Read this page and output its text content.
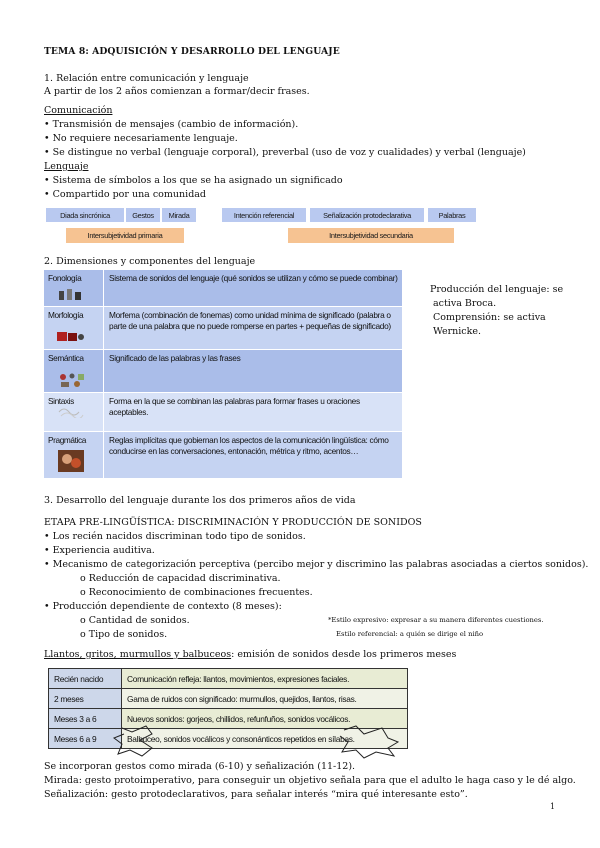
TEMA 8: ADQUISICIÓN Y DESARROLLO DEL LENGUAJE
1. Relación entre comunicación y lenguaje
A partir de los 2 años comienzan a formar/decir frases.
Comunicación
• Transmisión de mensajes (cambio de información).
• No requiere necesariamente lenguaje.
• Se distingue no verbal (lenguaje corporal), preverbal (uso de voz y cualidades) y verbal (lenguaje)
Lenguaje
• Sistema de símbolos a los que se ha asignado un significado
• Compartido por una comunidad
Diada sincrónica	Gestos	Mirada	Intención referencial	Señalización protodeclarativa	Palabras
Intersubjetividad primaria	Intersubjetividad secundaria
2. Dimensiones y componentes del lenguaje
Fonología	Sistema de sonidos del lenguaje (qué sonidos se utilizan y cómo se puede combinar)
Morfología	Morfema (combinación de fonemas) como unidad mínima de significado (palabra o parte de una palabra que no puede romperse en partes + pequeñas de significado)
Semántica	Significado de las palabras y las frases
Sintaxis	Forma en la que se combinan las palabras para formar frases u oraciones aceptables.
Pragmática	Reglas implícitas que gobiernan los aspectos de la comunicación lingüística: cómo conducirse en las conversaciones, entonación, métrica y ritmo, acentos…
Producción del lenguaje: se
activa Broca.
Comprensión: se activa
Wernicke.
3. Desarrollo del lenguaje durante los dos primeros años de vida
ETAPA PRE-LINGÜÍSTICA: DISCRIMINACIÓN Y PRODUCCIÓN DE SONIDOS
• Los recién nacidos discriminan todo tipo de sonidos.
• Experiencia auditiva.
• Mecanismo de categorización perceptiva (percibo mejor y discrimino las palabras asociadas a ciertos sonidos).
o Reducción de capacidad discriminativa.
o Reconocimiento de combinaciones frecuentes.
• Producción dependiente de contexto (8 meses):
o Cantidad de sonidos.
o Tipo de sonidos.
*Estilo expresivo: expresar a su manera diferentes cuestiones.
Estilo referencial: a quién se dirige el niño
Llantos, gritos, murmullos y balbuceos: emisión de sonidos desde los primeros meses
Recién nacido	Comunicación refleja: llantos, movimientos, expresiones faciales.
2 meses	Gama de ruidos con significado: murmullos, quejidos, llantos, risas.
Meses 3 a 6	Nuevos sonidos: gorjeos, chillidos, refunfuños, sonidos vocálicos.
Meses 6 a 9	Balbuceo, sonidos vocálicos y consonánticos repetidos en sílabas.
Se incorporan gestos como mirada (6-10) y señalización (11-12).
Mirada: gesto protoimperativo, para conseguir un objetivo señala para que el adulto le haga caso y le dé algo.
Señalización: gesto protodeclarativos, para señalar interés “mira qué interesante esto”.
1
